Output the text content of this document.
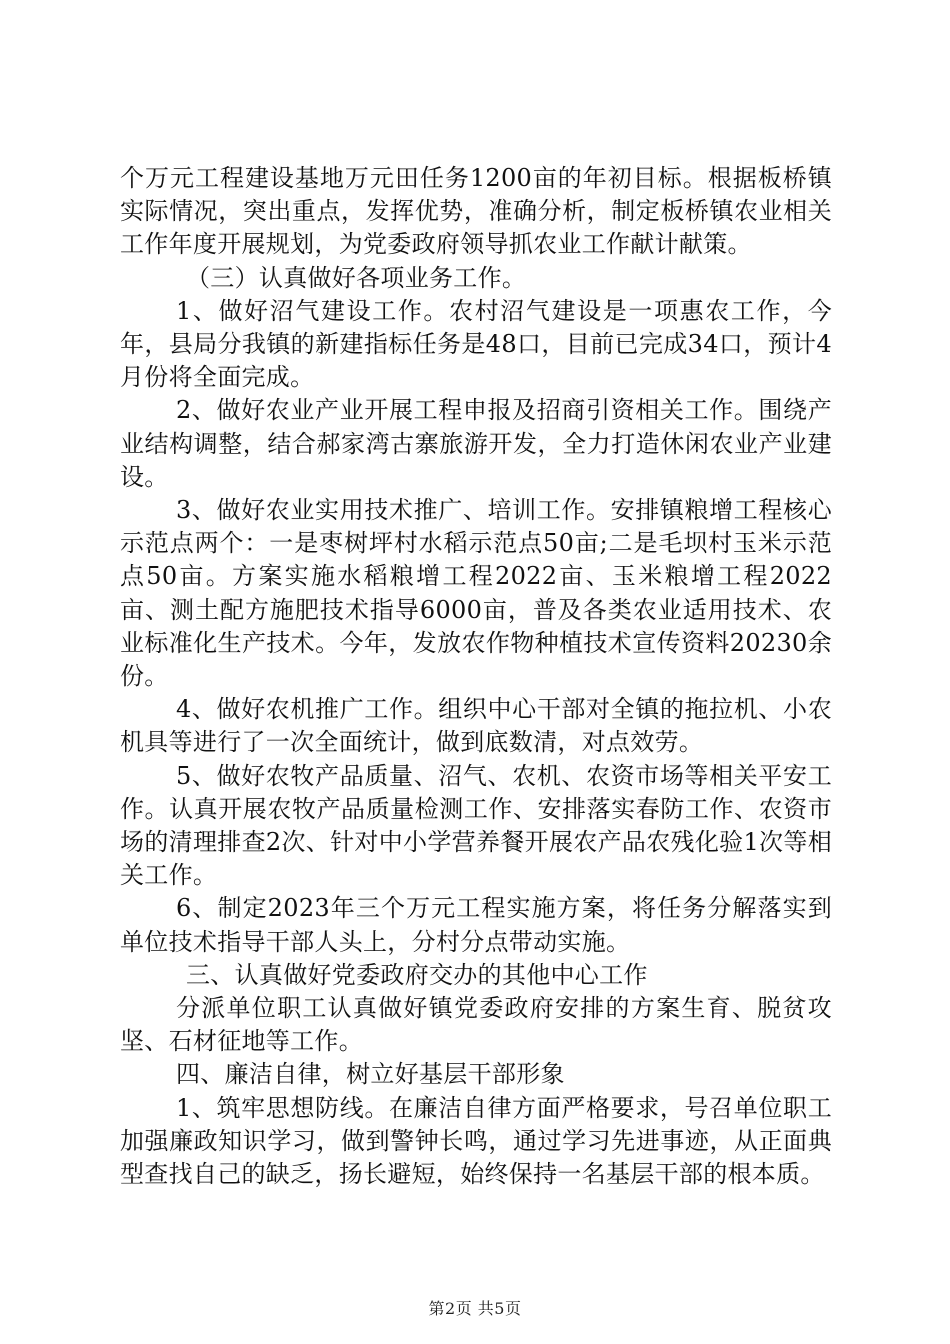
个万元工程建设基地万元田任务1200亩的年初目标。根据板桥镇实际情况，突出重点，发挥优势，准确分析，制定板桥镇农业相关工作年度开展规划，为党委政府领导抓农业工作献计献策。

（三）认真做好各项业务工作。

1、做好沼气建设工作。农村沼气建设是一项惠农工作，今年，县局分我镇的新建指标任务是48口，目前已完成34口，预计4月份将全面完成。

2、做好农业产业开展工程申报及招商引资相关工作。围绕产业结构调整，结合郝家湾古寨旅游开发，全力打造休闲农业产业建设。

3、做好农业实用技术推广、培训工作。安排镇粮增工程核心示范点两个：一是枣树坪村水稻示范点50亩;二是毛坝村玉米示范点50亩。方案实施水稻粮增工程2022亩、玉米粮增工程2022亩、测土配方施肥技术指导6000亩，普及各类农业适用技术、农业标准化生产技术。今年，发放农作物种植技术宣传资料20230余份。

4、做好农机推广工作。组织中心干部对全镇的拖拉机、小农机具等进行了一次全面统计，做到底数清，对点效劳。

5、做好农牧产品质量、沼气、农机、农资市场等相关平安工作。认真开展农牧产品质量检测工作、安排落实春防工作、农资市场的清理排查2次、针对中小学营养餐开展农产品农残化验1次等相关工作。

6、制定2023年三个万元工程实施方案，将任务分解落实到单位技术指导干部人头上，分村分点带动实施。

三、认真做好党委政府交办的其他中心工作

分派单位职工认真做好镇党委政府安排的方案生育、脱贫攻坚、石材征地等工作。

四、廉洁自律，树立好基层干部形象

1、筑牢思想防线。在廉洁自律方面严格要求，号召单位职工加强廉政知识学习，做到警钟长鸣，通过学习先进事迹，从正面典型查找自己的缺乏，扬长避短，始终保持一名基层干部的根本质。

第2页 共5页
